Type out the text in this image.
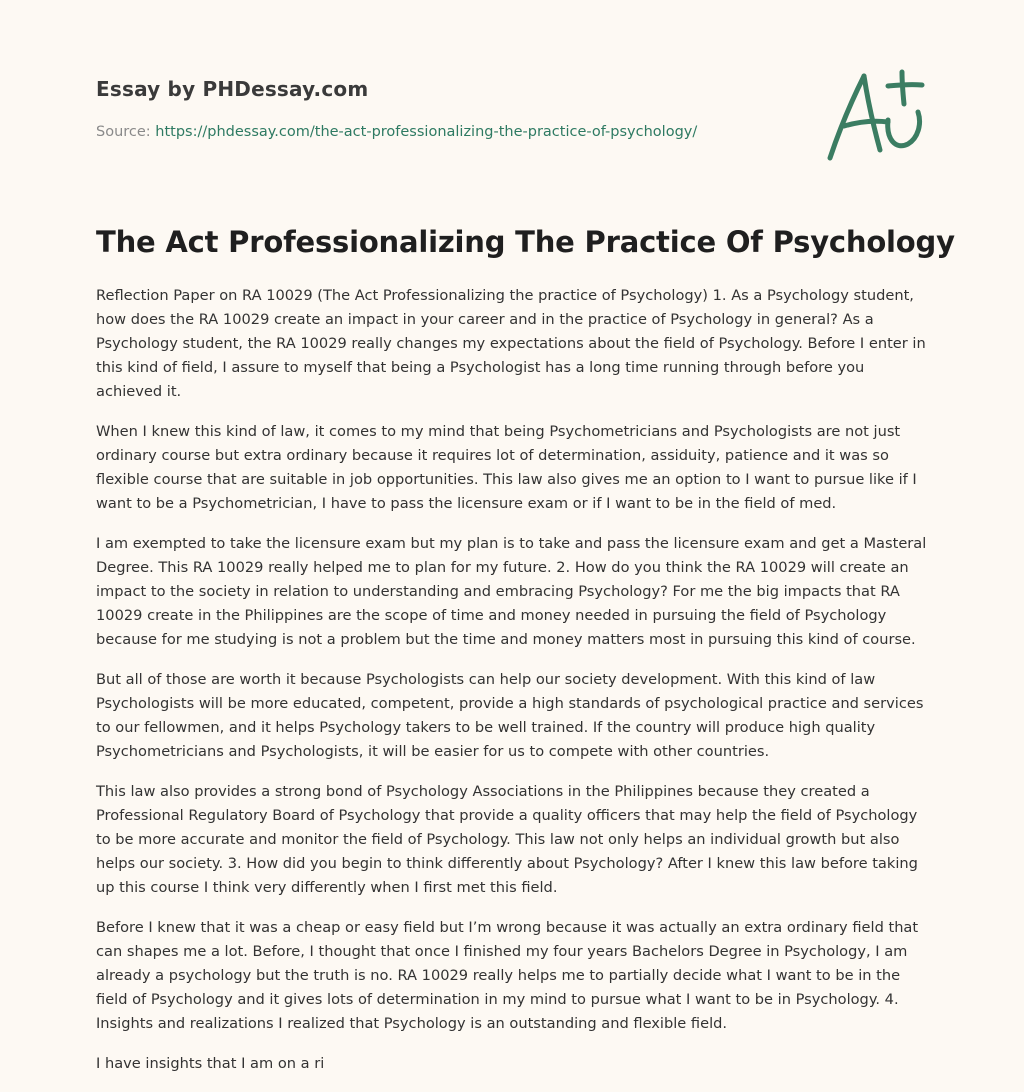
Essay by PHDessay.com
Source: https://phdessay.com/the-act-professionalizing-the-practice-of-psychology/
The Act Professionalizing The Practice Of Psychology

Reflection Paper on RA 10029 (The Act Professionalizing the practice of Psychology) 1. As a Psychology student, how does the RA 10029 create an impact in your career and in the practice of Psychology in general? As a Psychology student, the RA 10029 really changes my expectations about the field of Psychology. Before I enter in this kind of field, I assure to myself that being a Psychologist has a long time running through before you achieved it.

When I knew this kind of law, it comes to my mind that being Psychometricians and Psychologists are not just ordinary course but extra ordinary because it requires lot of determination, assiduity, patience and it was so flexible course that are suitable in job opportunities. This law also gives me an option to I want to pursue like if I want to be a Psychometrician, I have to pass the licensure exam or if I want to be in the field of med.

I am exempted to take the licensure exam but my plan is to take and pass the licensure exam and get a Masteral Degree. This RA 10029 really helped me to plan for my future. 2. How do you think the RA 10029 will create an impact to the society in relation to understanding and embracing Psychology? For me the big impacts that RA 10029 create in the Philippines are the scope of time and money needed in pursuing the field of Psychology because for me studying is not a problem but the time and money matters most in pursuing this kind of course.

But all of those are worth it because Psychologists can help our society development. With this kind of law Psychologists will be more educated, competent, provide a high standards of psychological practice and services to our fellowmen, and it helps Psychology takers to be well trained. If the country will produce high quality Psychometricians and Psychologists, it will be easier for us to compete with other countries.

This law also provides a strong bond of Psychology Associations in the Philippines because they created a Professional Regulatory Board of Psychology that provide a quality officers that may help the field of Psychology to be more accurate and monitor the field of Psychology. This law not only helps an individual growth but also helps our society. 3. How did you begin to think differently about Psychology? After I knew this law before taking up this course I think very differently when I first met this field.

Before I knew that it was a cheap or easy field but I’m wrong because it was actually an extra ordinary field that can shapes me a lot. Before, I thought that once I finished my four years Bachelors Degree in Psychology, I am already a psychology but the truth is no. RA 10029 really helps me to partially decide what I want to be in the field of Psychology and it gives lots of determination in my mind to pursue what I want to be in Psychology. 4. Insights and realizations I realized that Psychology is an outstanding and flexible field.

I have insights that I am on a ri
